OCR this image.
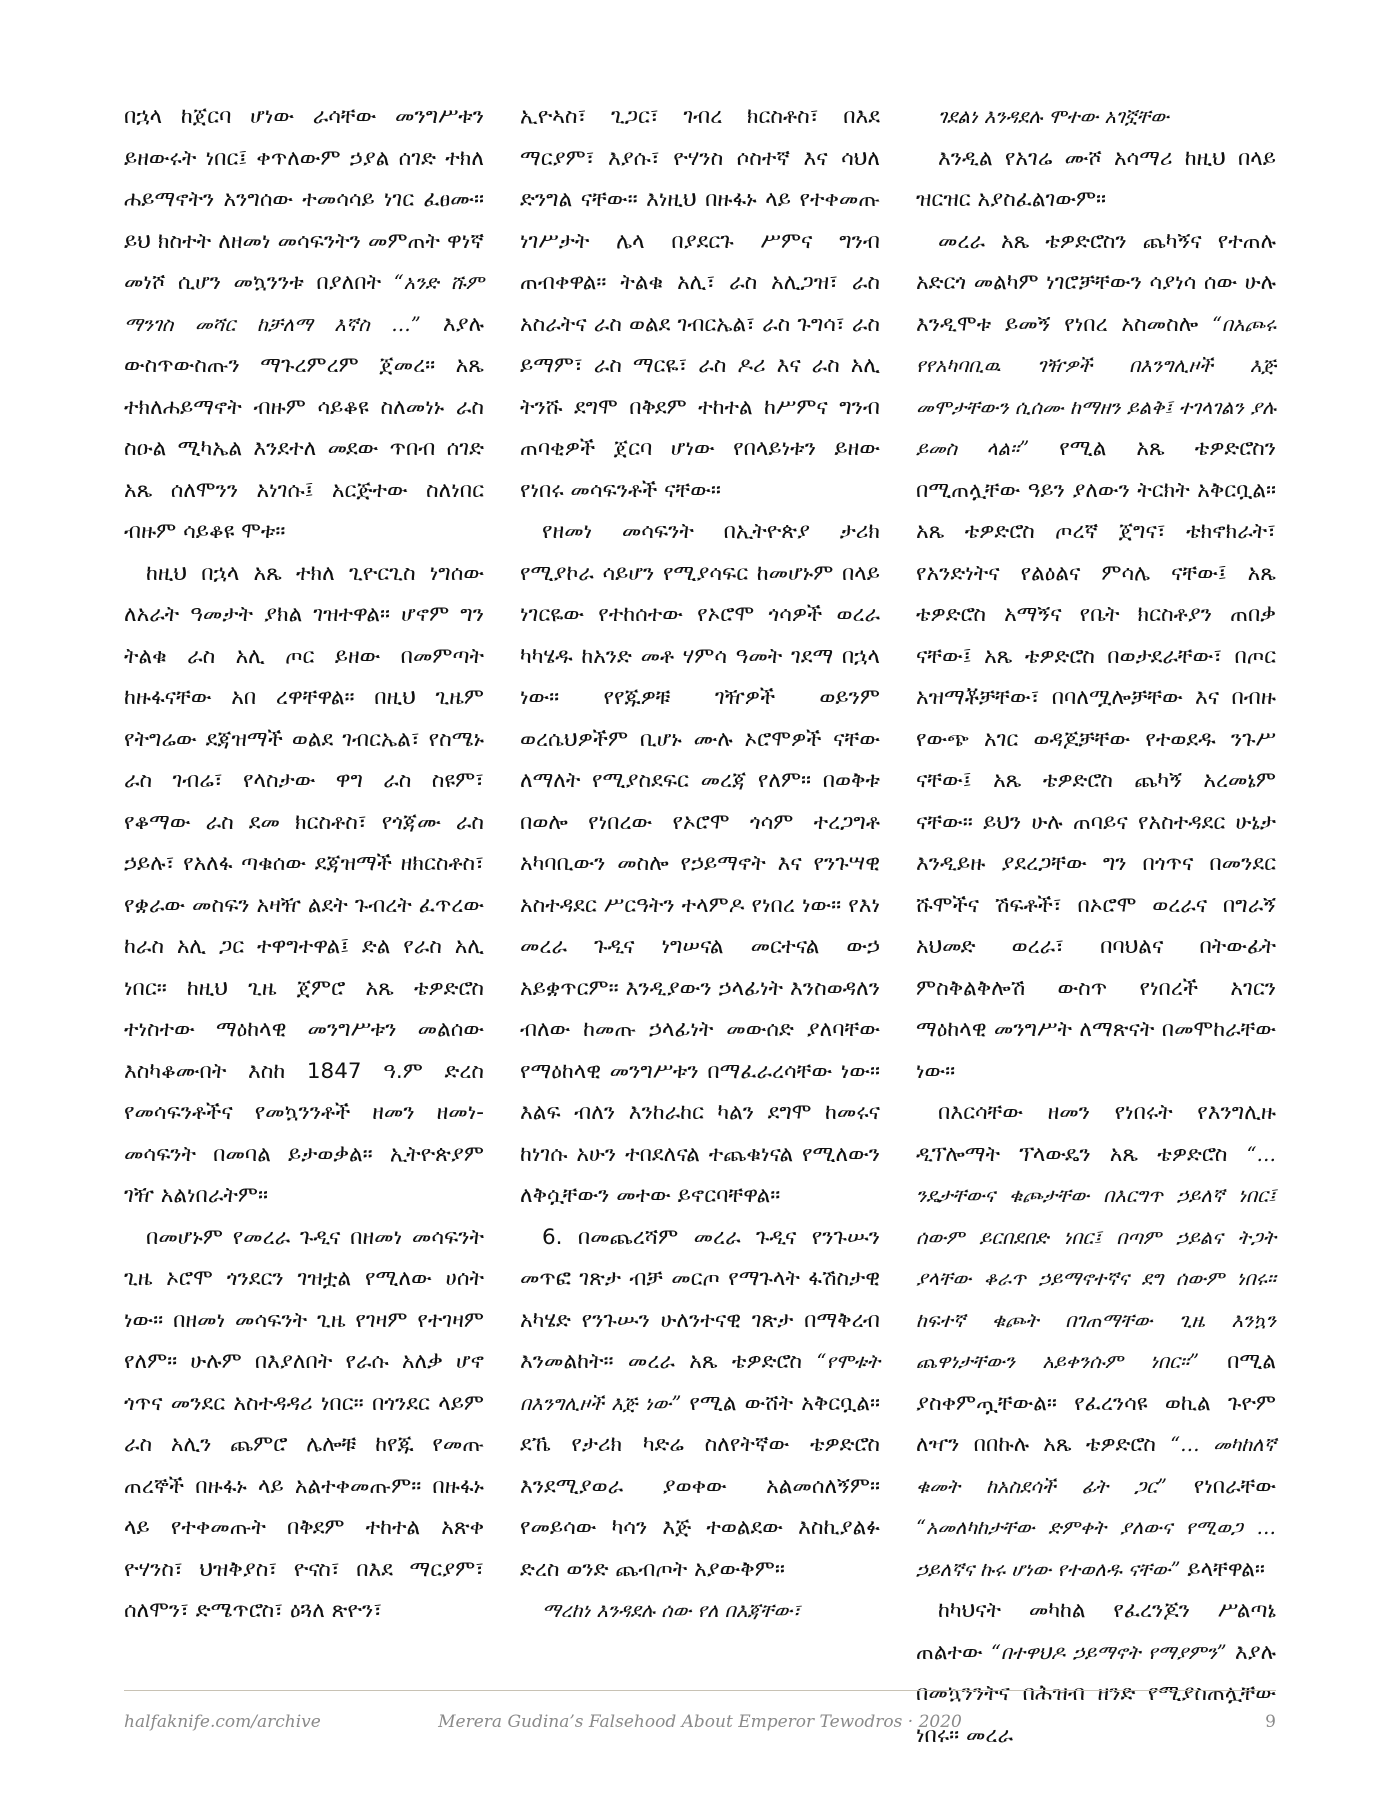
በኋላ ከጀርባ ሆነው ራሳቸው መንግሥቱን ይዘውሩት ነበር፤ ቀጥለውም ኃያል ሰገድ ተክለ ሐይማኖትን አንግሰው ተመሳሳይ ነገር ፈፀሙ። ይህ ክስተት ለዘመነ መሳፍንትን መምጠት ዋነኛ መነሾ ሲሆን መኳንንቱ በያለበት “አንድ ሹም ማንገስ መሻር ከቻለማ እኛስ …” እያሉ ውስጥውስጡን ማጉረምረም ጀመረ። አጼ ተክለሐይማኖት ብዙም ሳይቆዩ ስለመነኑ ራስ ስዑል ሚካኤል እንደተለ መደው ጥበብ ሰገድ አጼ ሰለሞንን አነገሱ፤ አርጅተው ስለነበር ብዙም ሳይቆዩ ሞቱ።

ከዚህ በኋላ አጼ ተክለ ጊዮርጊስ ነግሰው ለአራት ዓመታት ያክል ገዝተዋል። ሆኖም ግን ትልቁ ራስ አሊ ጦር ይዘው በመምጣት ከዙፋናቸው አበ ረዋቸዋል። በዚህ ጊዜም የትግሬው ደጃዝማች ወልደ ገብርኤል፣ የስሜኑ ራስ ገብሬ፣ የላስታው ዋግ ራስ ስዩም፣ የቆማው ራስ ደመ ክርስቶስ፣ የጎጃሙ ራስ ኃይሉ፣ የአለፋ ጣቁሰው ደጃዝማች ዘክርስቶስ፣ የቋራው መስፍን አዛዥ ልደት ጉብረት ፈጥረው ከራስ አሊ ጋር ተዋግተዋል፤ ድል የራስ አሊ ነበር። ከዚህ ጊዜ ጀምሮ አጼ ቴዎድሮስ ተነስተው ማዕከላዊ መንግሥቱን መልሰው እስካቆሙበት እስከ 1847 ዓ.ም ድረስ የመሳፍንቶችና የመኳንንቶች ዘመን ዘመነ-መሳፍንት በመባል ይታወቃል። ኢትዮጵያም ገዥ አልነበራትም።

በመሆኑም የመረራ ጉዲና በዘመነ መሳፍንት ጊዜ ኦሮሞ ጎንደርን ገዝቷል የሚለው ሀሰት ነው። በዘመነ መሳፍንት ጊዜ የገዛም የተገዛም የለም። ሁሉም በእያለበት የራሱ አለቃ ሆኖ ጎጥና መንደር አስተዳዳሪ ነበር። በጎንደር ላይም ራስ አሊን ጨምሮ ሌሎቹ ከየጁ የመጡ ጠረኞች በዙፋኑ ላይ አልተቀመጡም። በዙፋኑ ላይ የተቀመጡት በቅደም ተከተል አጽቀ ዮሃንስ፣ ህዝቅያስ፣ ዮናስ፣ በእደ ማርያም፣ ሰለሞን፣ ድሜጥሮስ፣ ዕጓለ ጽዮን፣

ኢዮኣስ፣ ጊጋር፣ ገብረ ክርስቶስ፣ በእደ ማርያም፣ እያሱ፣ ዮሃንስ ሶስተኛ እና ሳህለ ድንግል ናቸው። እነዚህ በዙፋኑ ላይ የተቀመጡ ነገሥታት ሌላ በያደርጉ ሥምና ግንብ ጠብቀዋል። ትልቁ አሊ፣ ራስ አሊጋዝ፣ ራስ አስራትና ራስ ወልደ ገብርኤል፣ ራስ ጉግሳ፣ ራስ ይማም፣ ራስ ማርዬ፣ ራስ ዶሪ እና ራስ አሊ ትንሹ ደግሞ በቅደም ተከተል ከሥምና ግንብ ጠባቂዎች ጀርባ ሆነው የበላይነቱን ይዘው የነበሩ መሳፍንቶች ናቸው።

የዘመነ መሳፍንት በኢትዮጵያ ታሪክ የሚያኮራ ሳይሆን የሚያሳፍር ከመሆኑም በላይ ነገርዬው የተከሰተው የኦሮሞ ጎሳዎች ወረራ ካካሄዱ ከአንድ መቶ ሃምሳ ዓመት ገደማ በኋላ ነው። የየጁዎቹ ገዥዎች ወይንም ወረሴህዎችም ቢሆኑ ሙሉ ኦሮሞዎች ናቸው ለማለት የሚያስደፍር መረጃ የለም። በወቅቱ በወሎ የነበረው የኦሮሞ ጎሳም ተረጋግቶ አካባቢውን መስሎ የኃይማኖት እና የንጉሣዊ አስተዳደር ሥርዓትን ተላምዶ የነበረ ነው። የእነ መረራ ጉዲና ነግሠናል መርተናል ውኃ አይቋጥርም። እንዲያውን ኃላፊነት እንስወዳለን ብለው ከመጡ ኃላፊነት መውሰድ ያለባቸው የማዕከላዊ መንግሥቱን በማፈራረሳቸው ነው። እልፍ ብለን እንከራከር ካልን ደግሞ ከመሩና ከነገሱ አሁን ተበደለናል ተጨቁነናል የሚለውን ለቅሷቸውን መተው ይኖርባቸዋል።

6. በመጨረሻም መረራ ጉዲና የንጉሡን መጥፎ ገጽታ ብቻ መርጦ የማጉላት ፋሽስታዊ አካሄድ የንጉሡን ሁለንተናዊ ገጽታ በማቅረብ እንመልከት። መረራ አጼ ቴዎድሮስ “የሞቱት በእንግሊዞች እጅ ነው” የሚል ውሸት አቅርቧል። ደኼ የታሪክ ካድሬ ስለየትኛው ቴዎድሮስ እንደሚያወራ ያወቀው አልመሰለኝም። የመይሳው ካሳን እጅ ተወልደው እስኪያልፉ ድረስ ወንድ ጨብጦት አያውቅም።

ማረከነ እንዳደሉ ሰው የለ በእጃቸው፣

ገደልነ እንዳደሉ ሞተው አገኟቸው

እንዲል የአገሬ ሙሾ አሳማሪ ከዚህ በላይ ዝርዝር አያስፈልገውም።

መረራ አጼ ቴዎድሮስን ጨካኝና የተጠሉ አድርጎ መልካም ነገሮቻቸውን ሳያነሳ ሰው ሁሉ እንዲሞቱ ይመኝ የነበረ አስመስሎ “በአጮሩ የየአካባቢዉ ገዥዎች በእንግሊዞች እጅ መሞታቸውን ሲሰሙ ከማዘን ይልቅ፤ ተገላገልን ያሉ ይመስ ላል።” የሚል አጼ ቴዎድሮስን በሚጠሏቸው ዓይን ያለውን ትርክት አቅርቧል። አጼ ቴዎድሮስ ጦረኛ ጀግና፣ ቴክኖክራት፣ የአንድነትና የልዕልና ምሳሌ ናቸው፤ አጼ ቴዎድሮስ አማኝና የቤት ክርስቶያን ጠበቃ ናቸው፤ አጼ ቴዎድሮስ በወታደራቸው፣ በጦር አዝማቾቻቸው፣ በባለሟሎቻቸው እና በብዙ የውጭ አገር ወዳጆቻቸው የተወደዱ ንጉሥ ናቸው፤ አጼ ቴዎድሮስ ጨካኝ አረመኔም ናቸው። ይህን ሁሉ ጠባይና የአስተዳደር ሁኔታ እንዲይዙ ያደረጋቸው ግን በጎጥና በመንደር ሹሞችና ሽፍቶች፣ በኦሮሞ ወረራና በግራኝ አህመድ ወረራ፣ በባህልና በትውፊት ምስቅልቅሎሽ ውስጥ የነበረች አገርን ማዕከላዊ መንግሥት ለማጽናት በመሞከራቸው ነው።

በእርሳቸው ዘመን የነበሩት የእንግሊዙ ዲፕሎማት ፕላውዴን አጼ ቴዎድሮስ “… ንዴታቸውና ቁጮታቸው በእርግጥ ኃይለኛ ነበር፤ ሰውም ይርበደበድ ነበር፤ በጣም ኃይልና ትጋት ያላቸው ቆራጥ ኃይማኖተኛና ደግ ሰውም ነበሩ። ከፍተኛ ቁጮት በገጠማቸው ጊዜ እንኳን ጨዋነታቸውን አይቀንሱም ነበር።” በሚል ያስቀምጧቸውል። የፈረንሳዩ ወኪል ጉዮም ለዣን በበኩሉ አጼ ቴዎድሮስ “… መካከለኛ ቁመት ከአስደሳች ፊት ጋር” የነበራቸው “አመለካከታቸው ድምቀት ያለውና የሚወጋ … ኃይለኛና ኩሩ ሆነው የተወለዱ ናቸው” ይላቸዋል።

ከካህናት መካከል የፈረንጆን ሥልጣኔ ጠልተው “በተዋህዶ ኃይማኖት የማያምን” እያሉ በመኳንንትና በሕዝብ ዘንድ የሚያስጠሏቸው ነበሩ። መረራ

halfaknife.com/archive	Merera Gudina’s Falsehood About Emperor Tewodros · 2020	9
